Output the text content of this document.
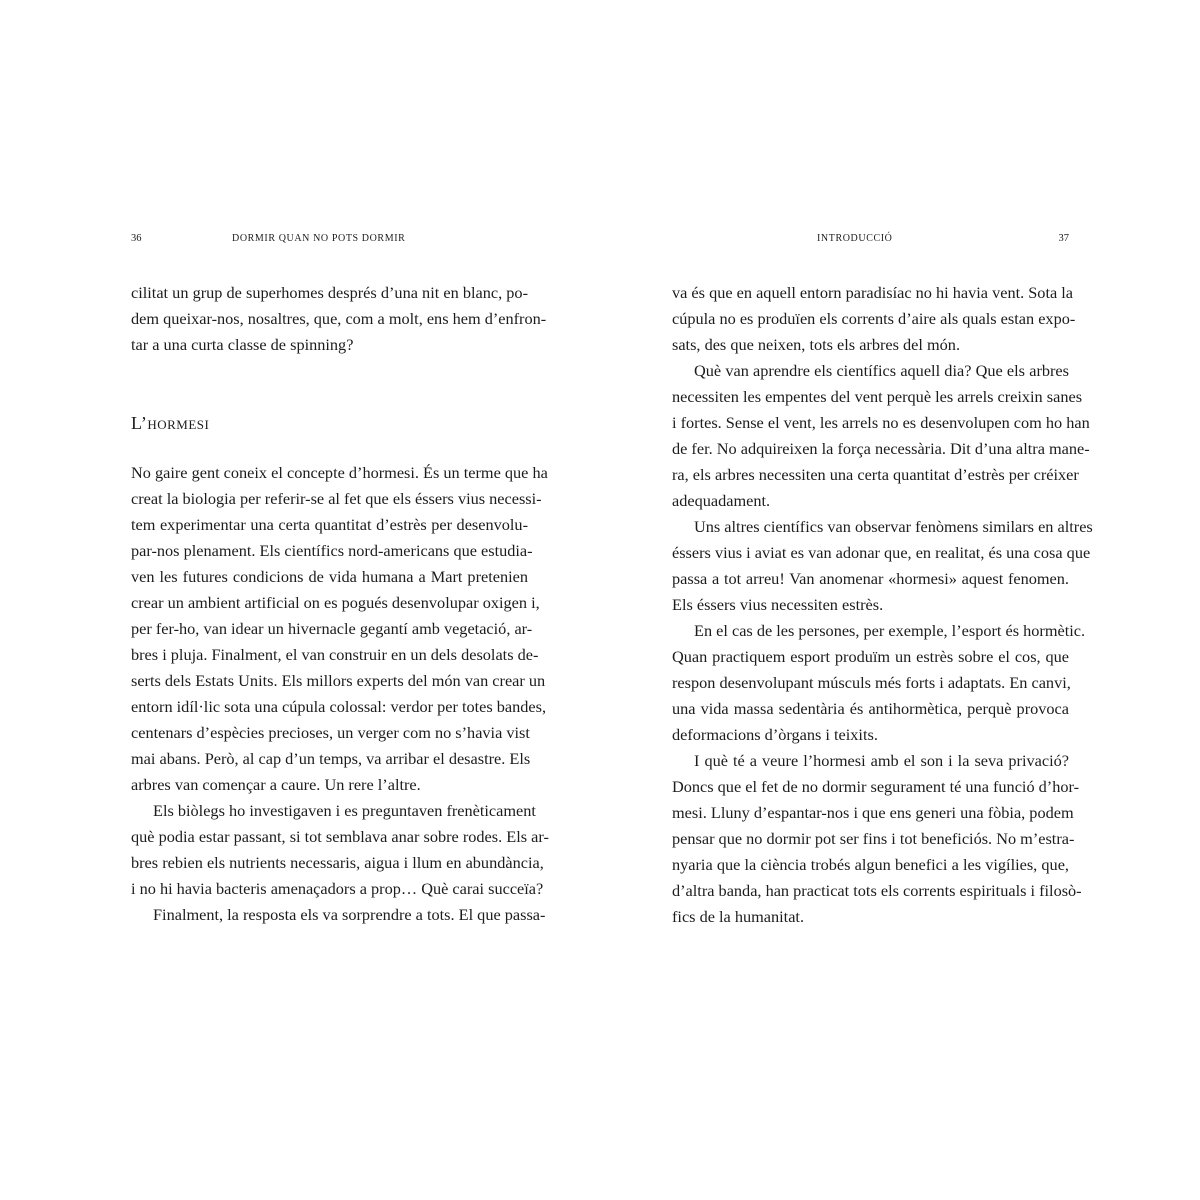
36	DORMIR QUAN NO POTS DORMIR
cilitat un grup de superhomes després d’una nit en blanc, po-
dem queixar-nos, nosaltres, que, com a molt, ens hem d’enfron-
tar a una curta classe de spinning?
L’hormesi
No gaire gent coneix el concepte d’hormesi. És un terme que ha
creat la biologia per referir-se al fet que els éssers vius necessi-
tem experimentar una certa quantitat d’estrès per desenvolu-
par-nos plenament. Els científics nord-americans que estudia-
ven les futures condicions de vida humana a Mart pretenien
crear un ambient artificial on es pogués desenvolupar oxigen i,
per fer-ho, van idear un hivernacle gegantí amb vegetació, ar-
bres i pluja. Finalment, el van construir en un dels desolats de-
serts dels Estats Units. Els millors experts del món van crear un
entorn idíl·lic sota una cúpula colossal: verdor per totes bandes,
centenars d’espècies precioses, un verger com no s’havia vist
mai abans. Però, al cap d’un temps, va arribar el desastre. Els
arbres van començar a caure. Un rere l’altre.
Els biòlegs ho investigaven i es preguntaven frenèticament
què podia estar passant, si tot semblava anar sobre rodes. Els ar-
bres rebien els nutrients necessaris, aigua i llum en abundància,
i no hi havia bacteris amenaçadors a prop… Què carai succeïa?
Finalment, la resposta els va sorprendre a tots. El que passa-
INTRODUCCIÓ	37
va és que en aquell entorn paradisíac no hi havia vent. Sota la
cúpula no es produïen els corrents d’aire als quals estan expo-
sats, des que neixen, tots els arbres del món.
Què van aprendre els científics aquell dia? Que els arbres
necessiten les empentes del vent perquè les arrels creixin sanes
i fortes. Sense el vent, les arrels no es desenvolupen com ho han
de fer. No adquireixen la força necessària. Dit d’una altra mane-
ra, els arbres necessiten una certa quantitat d’estrès per créixer
adequadament.
Uns altres científics van observar fenòmens similars en altres
éssers vius i aviat es van adonar que, en realitat, és una cosa que
passa a tot arreu! Van anomenar «hormesi» aquest fenomen.
Els éssers vius necessiten estrès.
En el cas de les persones, per exemple, l’esport és hormètic.
Quan practiquem esport produïm un estrès sobre el cos, que
respon desenvolupant músculs més forts i adaptats. En canvi,
una vida massa sedentària és antihormètica, perquè provoca
deformacions d’òrgans i teixits.
I què té a veure l’hormesi amb el son i la seva privació?
Doncs que el fet de no dormir segurament té una funció d’hor-
mesi. Lluny d’espantar-nos i que ens generi una fòbia, podem
pensar que no dormir pot ser fins i tot beneficiós. No m’estra-
nyaria que la ciència trobés algun benefici a les vigílies, que,
d’altra banda, han practicat tots els corrents espirituals i filosò-
fics de la humanitat.
